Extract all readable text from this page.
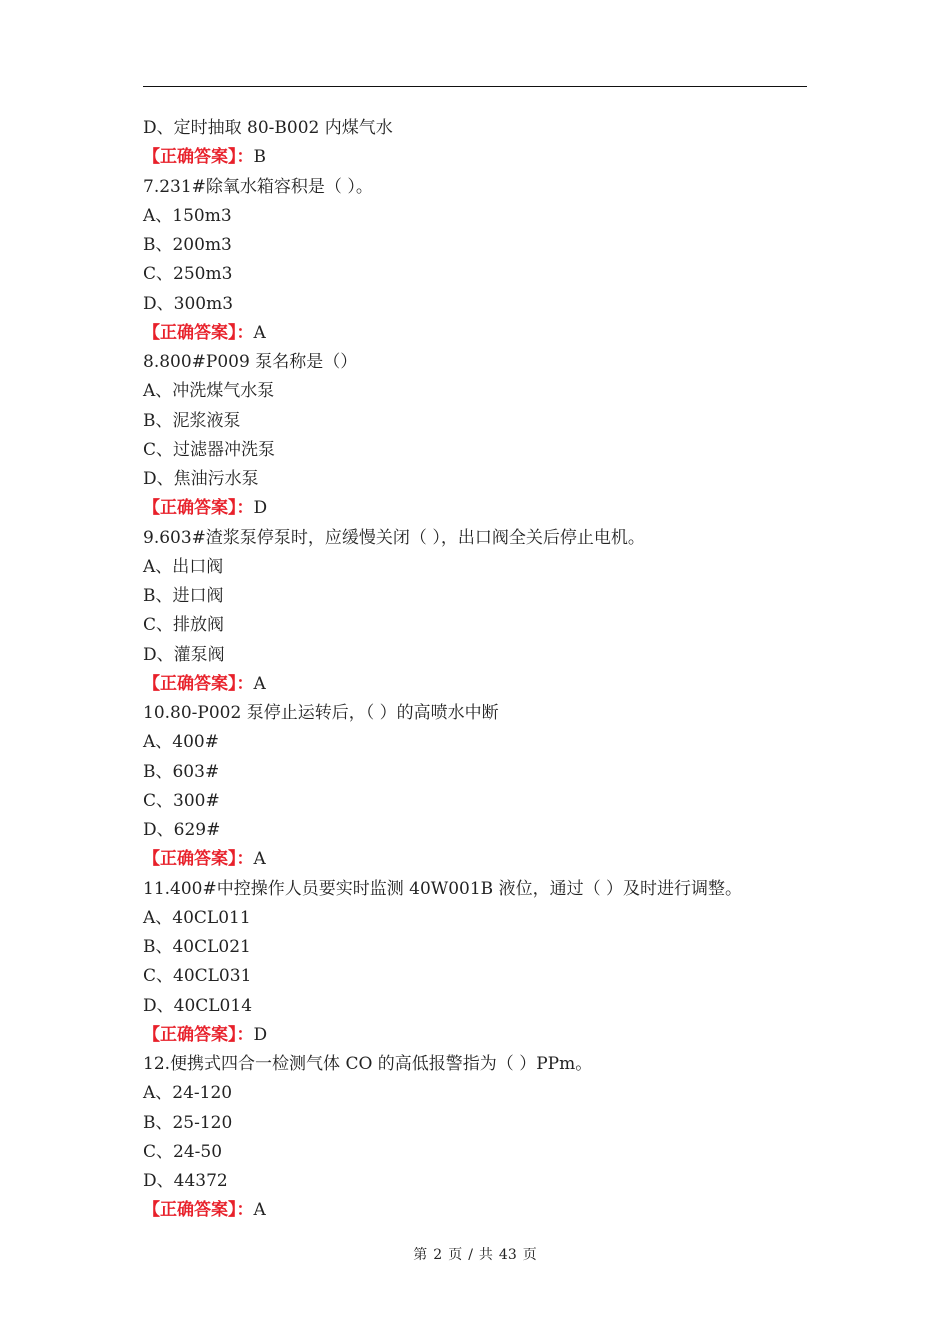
D、定时抽取 80-B002 内煤气水
【正确答案】：B
7.231#除氧水箱容积是（ ）。
A、150m3
B、200m3
C、250m3
D、300m3
【正确答案】：A
8.800#P009 泵名称是（）
A、冲洗煤气水泵
B、泥浆液泵
C、过滤器冲洗泵
D、焦油污水泵
【正确答案】：D
9.603#渣浆泵停泵时，应缓慢关闭（ ），出口阀全关后停止电机。
A、出口阀
B、进口阀
C、排放阀
D、灌泵阀
【正确答案】：A
10.80-P002 泵停止运转后，（ ）的高喷水中断
A、400#
B、603#
C、300#
D、629#
【正确答案】：A
11.400#中控操作人员要实时监测 40W001B 液位，通过（ ）及时进行调整。
A、40CL011
B、40CL021
C、40CL031
D、40CL014
【正确答案】：D
12.便携式四合一检测气体 CO 的高低报警指为（ ）PPm。
A、24-120
B、25-120
C、24-50
D、44372
【正确答案】：A
第 2 页 / 共 43 页
